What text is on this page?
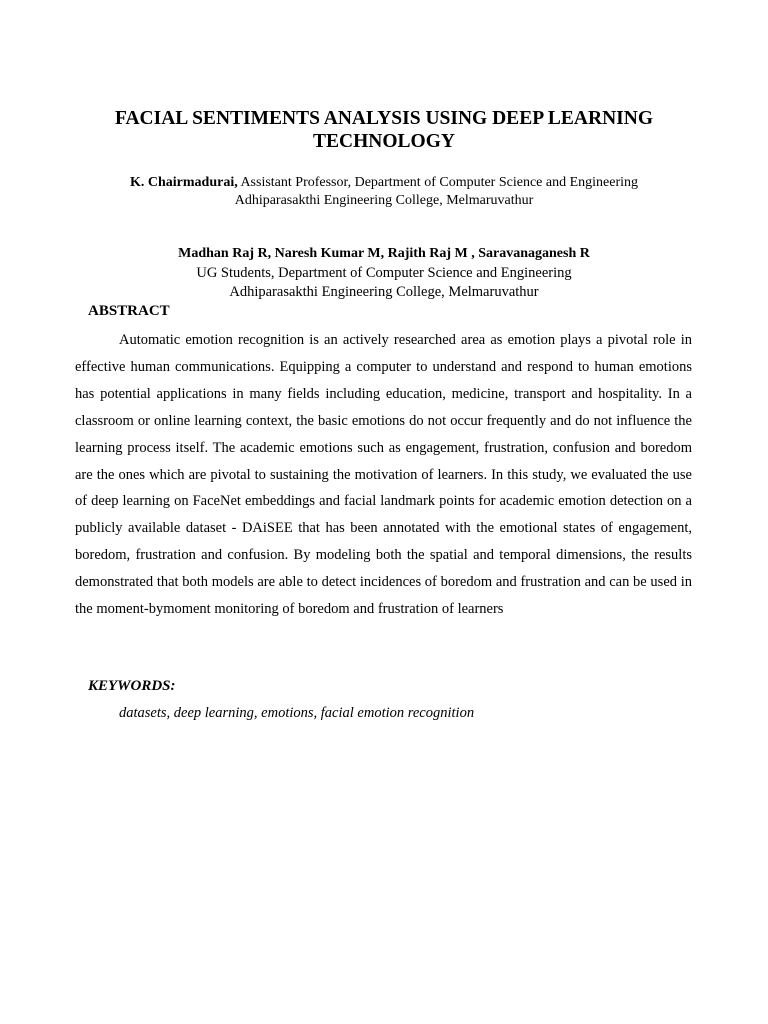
FACIAL SENTIMENTS ANALYSIS USING DEEP LEARNING
TECHNOLOGY
K. Chairmadurai, Assistant Professor, Department of Computer Science and Engineering
Adhiparasakthi Engineering College, Melmaruvathur
Madhan Raj R, Naresh Kumar M, Rajith Raj M , Saravanaganesh R
UG Students, Department of Computer Science and Engineering
Adhiparasakthi Engineering College, Melmaruvathur
ABSTRACT

Automatic emotion recognition is an actively researched area as emotion plays a pivotal role in effective human communications. Equipping a computer to understand and respond to human emotions has potential applications in many fields including education, medicine, transport and hospitality. In a classroom or online learning context, the basic emotions do not occur frequently and do not influence the learning process itself. The academic emotions such as engagement, frustration, confusion and boredom are the ones which are pivotal to sustaining the motivation of learners. In this study, we evaluated the use of deep learning on FaceNet embeddings and facial landmark points for academic emotion detection on a publicly available dataset - DAiSEE that has been annotated with the emotional states of engagement, boredom, frustration and confusion. By modeling both the spatial and temporal dimensions, the results demonstrated that both models are able to detect incidences of boredom and frustration and can be used in the moment-bymoment monitoring of boredom and frustration of learners

KEYWORDS:

datasets, deep learning, emotions, facial emotion recognition
